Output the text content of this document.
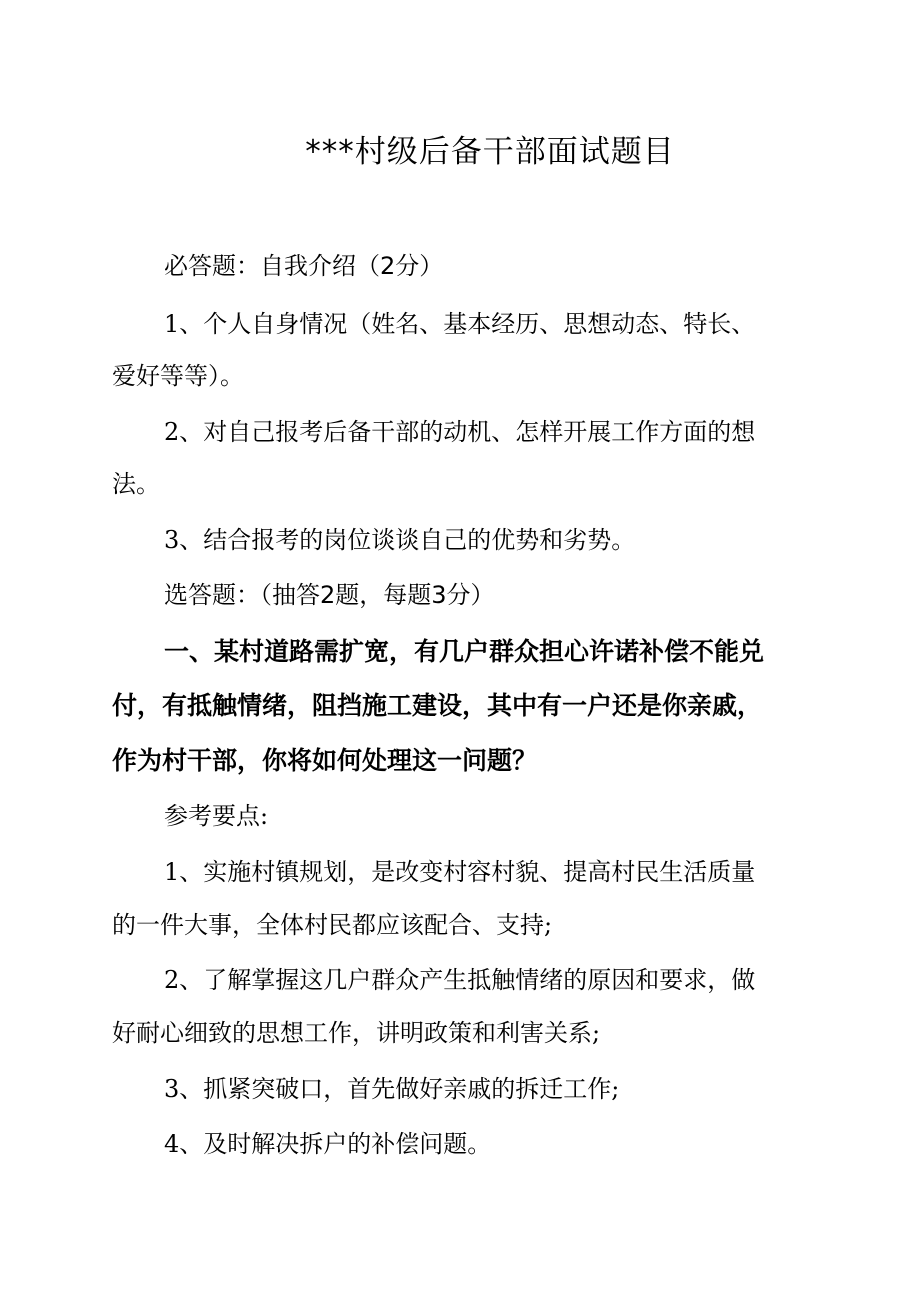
***村级后备干部面试题目
必答题：自我介绍（2分）
1、个人自身情况（姓名、基本经历、思想动态、特长、
爱好等等）。
2、对自己报考后备干部的动机、怎样开展工作方面的想
法。
3、结合报考的岗位谈谈自己的优势和劣势。
选答题：（抽答2题，每题3分）
一、某村道路需扩宽，有几户群众担心许诺补偿不能兑
付，有抵触情绪，阻挡施工建设，其中有一户还是你亲戚，
作为村干部，你将如何处理这一问题？
参考要点:
1、实施村镇规划，是改变村容村貌、提高村民生活质量
的一件大事，全体村民都应该配合、支持;
2、了解掌握这几户群众产生抵触情绪的原因和要求，做
好耐心细致的思想工作，讲明政策和利害关系;
3、抓紧突破口，首先做好亲戚的拆迁工作;
4、及时解决拆户的补偿问题。
